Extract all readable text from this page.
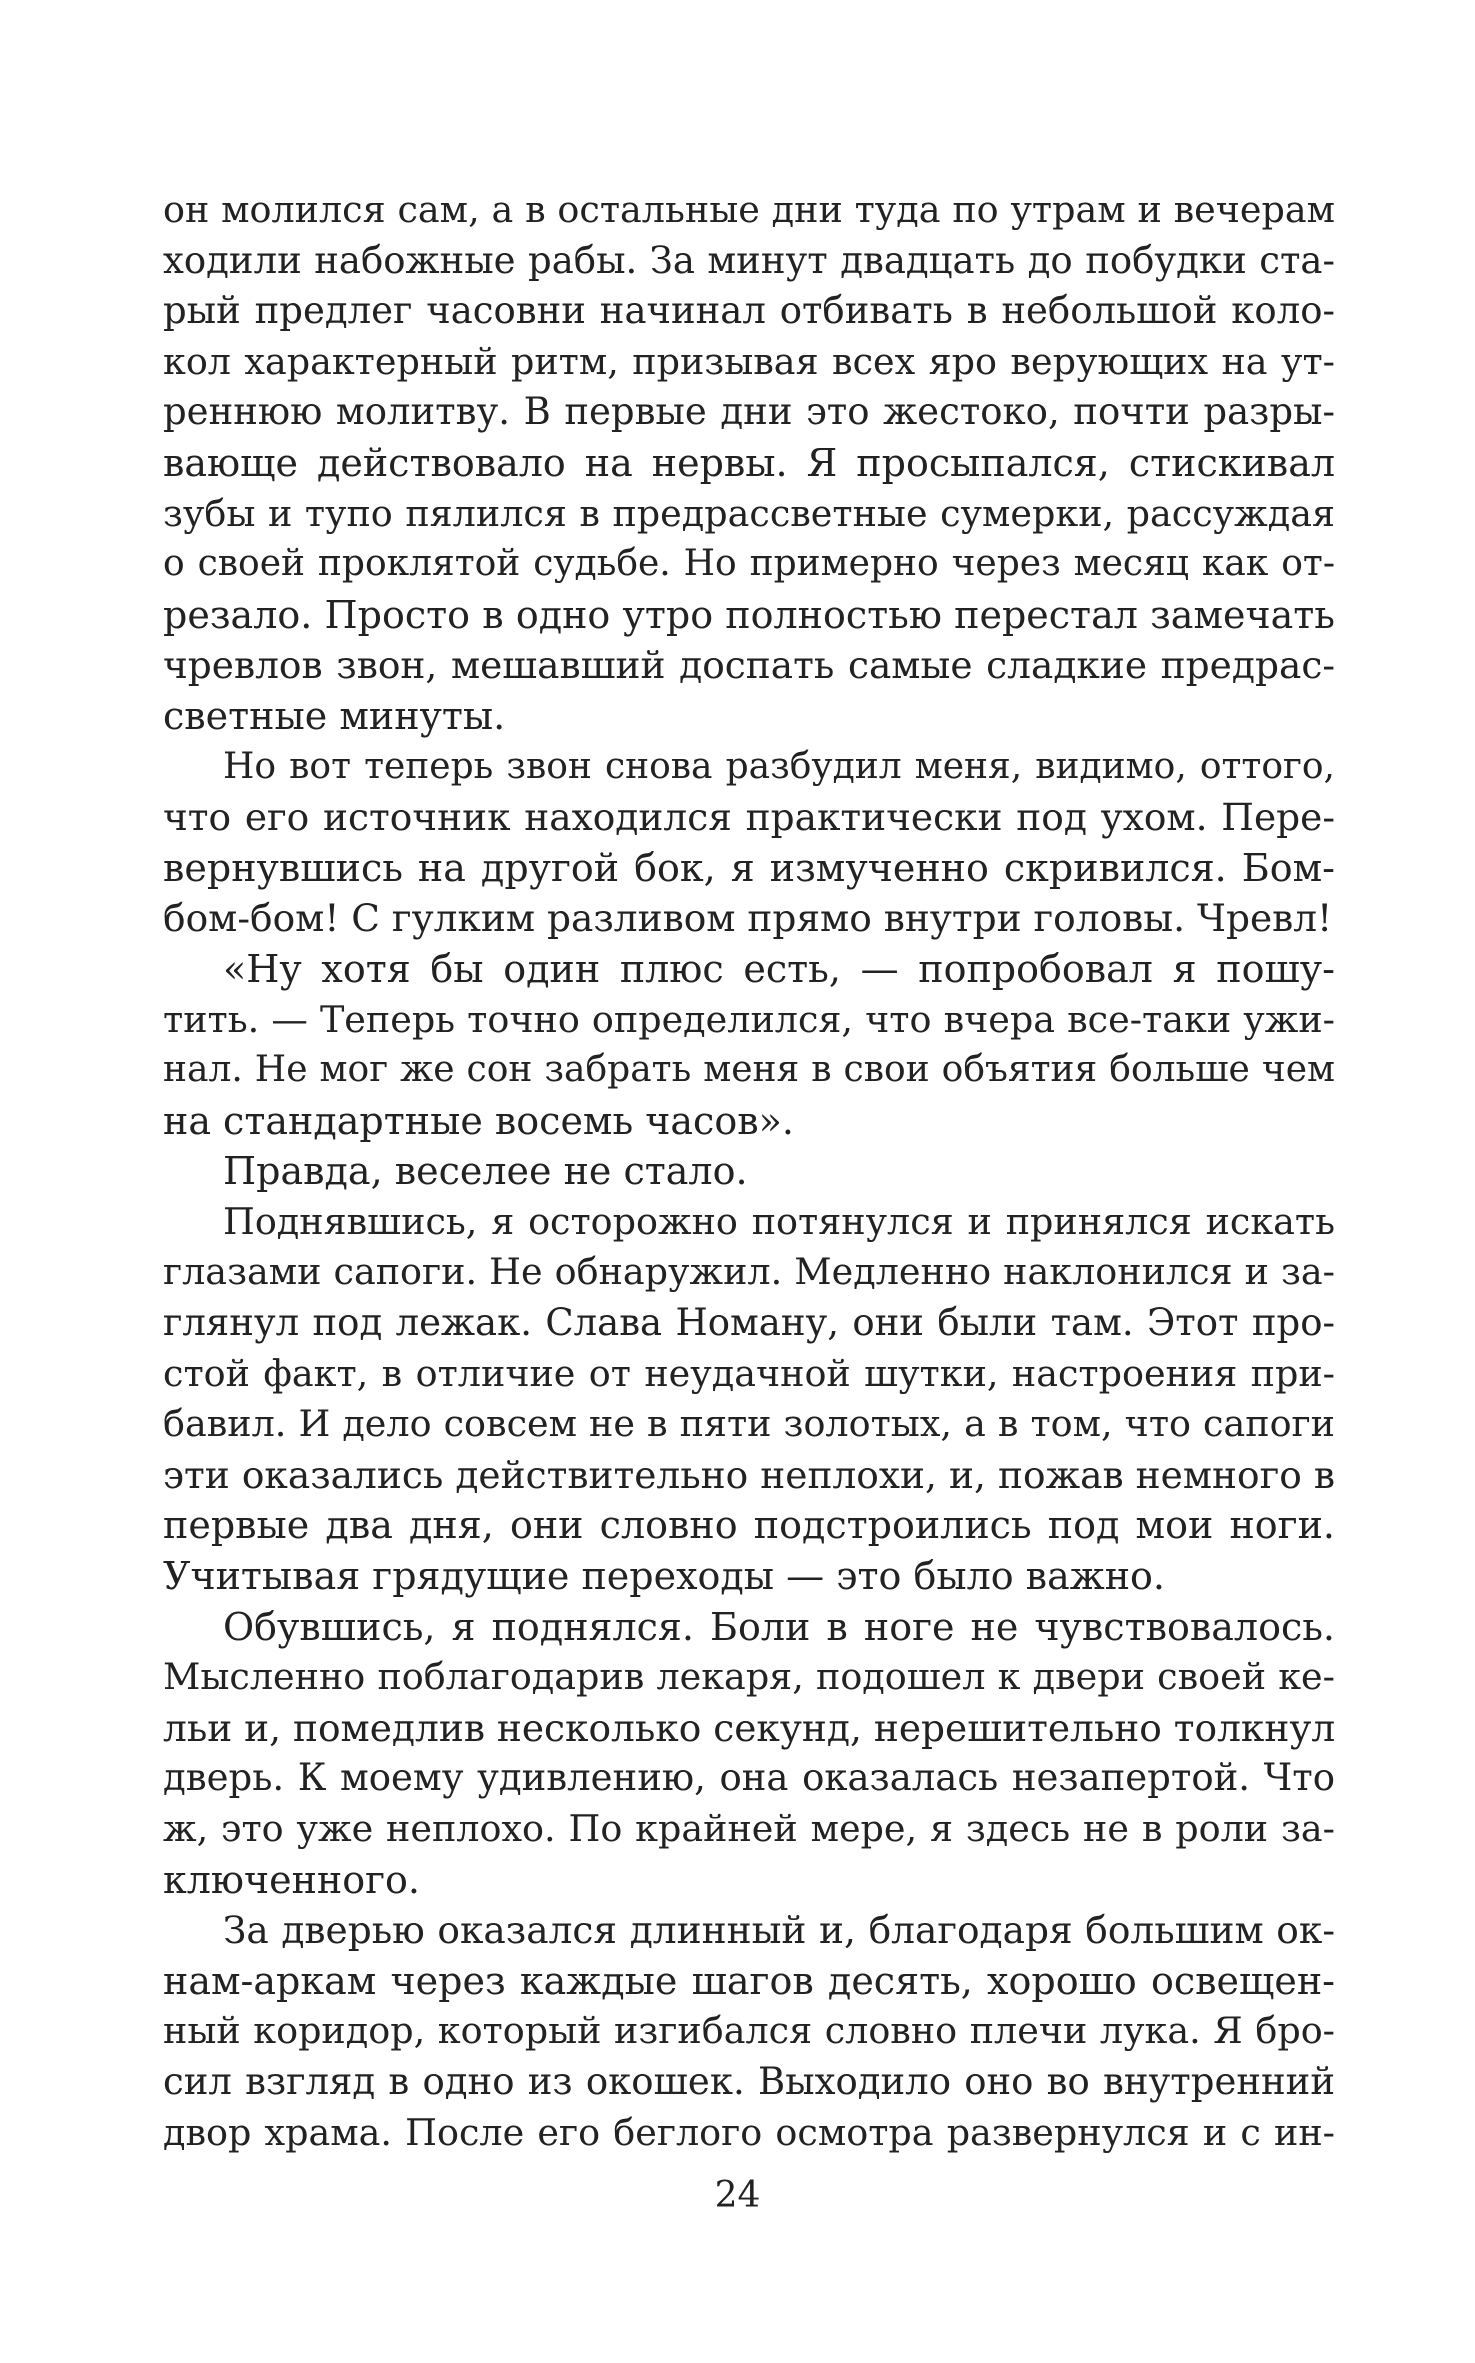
он молился сам, а в остальные дни туда по утрам и вечерам
ходили набожные рабы. За минут двадцать до побудки ста-
рый предлег часовни начинал отбивать в небольшой коло-
кол характерный ритм, призывая всех яро верующих на ут-
реннюю молитву. В первые дни это жестоко, почти разры-
вающе действовало на нервы. Я просыпался, стискивал
зубы и тупо пялился в предрассветные сумерки, рассуждая
о своей проклятой судьбе. Но примерно через месяц как от-
резало. Просто в одно утро полностью перестал замечать
чревлов звон, мешавший доспать самые сладкие предрас-
светные минуты.
Но вот теперь звон снова разбудил меня, видимо, оттого,
что его источник находился практически под ухом. Пере-
вернувшись на другой бок, я измученно скривился. Бом-
бом-бом! С гулким разливом прямо внутри головы. Чревл!
«Ну хотя бы один плюс есть, — попробовал я пошу-
тить. — Теперь точно определился, что вчера все-таки ужи-
нал. Не мог же сон забрать меня в свои объятия больше чем
на стандартные восемь часов».
Правда, веселее не стало.
Поднявшись, я осторожно потянулся и принялся искать
глазами сапоги. Не обнаружил. Медленно наклонился и за-
глянул под лежак. Слава Номану, они были там. Этот про-
стой факт, в отличие от неудачной шутки, настроения при-
бавил. И дело совсем не в пяти золотых, а в том, что сапоги
эти оказались действительно неплохи, и, пожав немного в
первые два дня, они словно подстроились под мои ноги.
Учитывая грядущие переходы — это было важно.
Обувшись, я поднялся. Боли в ноге не чувствовалось.
Мысленно поблагодарив лекаря, подошел к двери своей ке-
льи и, помедлив несколько секунд, нерешительно толкнул
дверь. К моему удивлению, она оказалась незапертой. Что
ж, это уже неплохо. По крайней мере, я здесь не в роли за-
ключенного.
За дверью оказался длинный и, благодаря большим ок-
нам-аркам через каждые шагов десять, хорошо освещен-
ный коридор, который изгибался словно плечи лука. Я бро-
сил взгляд в одно из окошек. Выходило оно во внутренний
двор храма. После его беглого осмотра развернулся и с ин-
24
